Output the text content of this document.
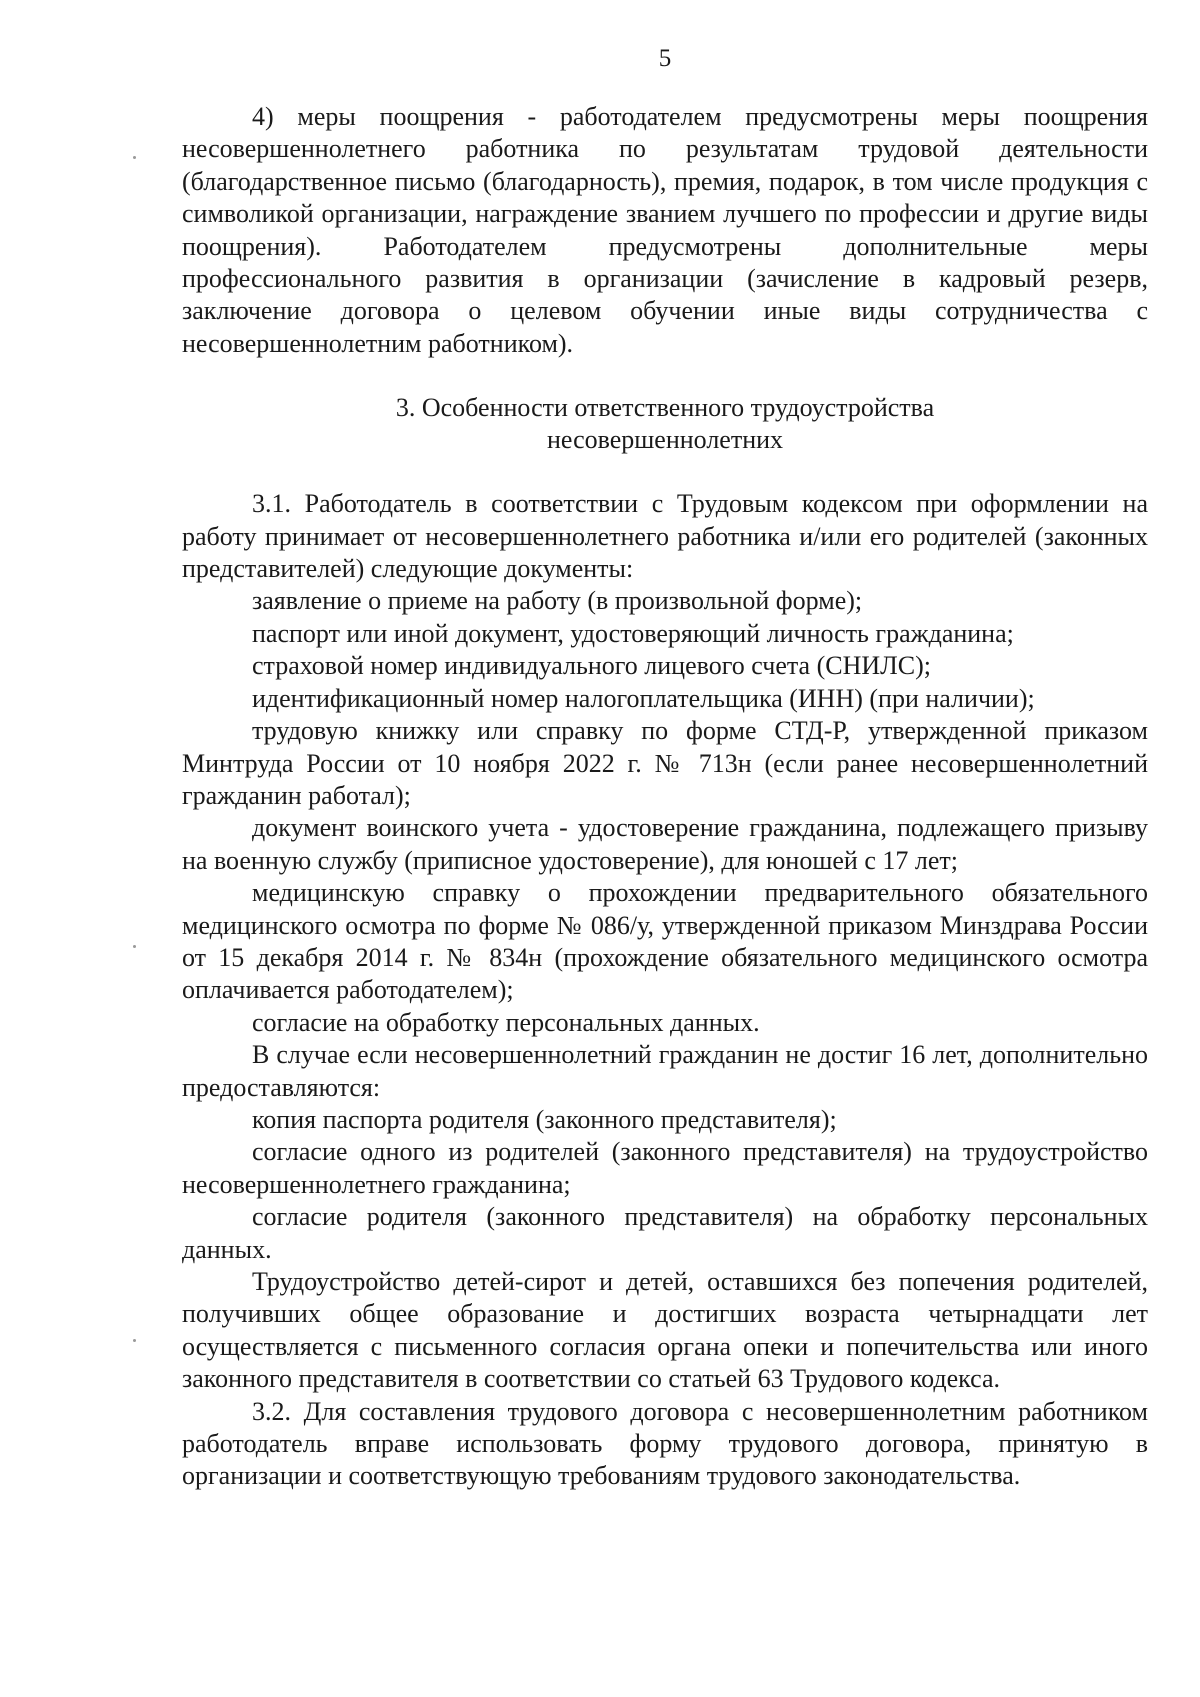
5

4) меры поощрения - работодателем предусмотрены меры поощрения несовершеннолетнего работника по результатам трудовой деятельности (благодарственное письмо (благодарность), премия, подарок, в том числе продукция с символикой организации, награждение званием лучшего по профессии и другие виды поощрения). Работодателем предусмотрены дополнительные меры профессионального развития в организации (зачисление в кадровый резерв, заключение договора о целевом обучении иные виды сотрудничества с несовершеннолетним работником).

3. Особенности ответственного трудоустройства
несовершеннолетних

3.1. Работодатель в соответствии с Трудовым кодексом при оформлении на работу принимает от несовершеннолетнего работника и/или его родителей (законных представителей) следующие документы:

заявление о приеме на работу (в произвольной форме);

паспорт или иной документ, удостоверяющий личность гражданина;

страховой номер индивидуального лицевого счета (СНИЛС);

идентификационный номер налогоплательщика (ИНН) (при наличии);

трудовую книжку или справку по форме СТД-Р, утвержденной приказом Минтруда России от 10 ноября 2022 г. № 713н (если ранее несовершеннолетний гражданин работал);

документ воинского учета - удостоверение гражданина, подлежащего призыву на военную службу (приписное удостоверение), для юношей с 17 лет;

медицинскую справку о прохождении предварительного обязательного медицинского осмотра по форме № 086/у, утвержденной приказом Минздрава России от 15 декабря 2014 г. № 834н (прохождение обязательного медицинского осмотра оплачивается работодателем);

согласие на обработку персональных данных.

В случае если несовершеннолетний гражданин не достиг 16 лет, дополнительно предоставляются:

копия паспорта родителя (законного представителя);

согласие одного из родителей (законного представителя) на трудоустройство несовершеннолетнего гражданина;

согласие родителя (законного представителя) на обработку персональных данных.

Трудоустройство детей-сирот и детей, оставшихся без попечения родителей, получивших общее образование и достигших возраста четырнадцати лет осуществляется с письменного согласия органа опеки и попечительства или иного законного представителя в соответствии со статьей 63 Трудового кодекса.

3.2. Для составления трудового договора с несовершеннолетним работником работодатель вправе использовать форму трудового договора, принятую в организации и соответствующую требованиям трудового законодательства.
